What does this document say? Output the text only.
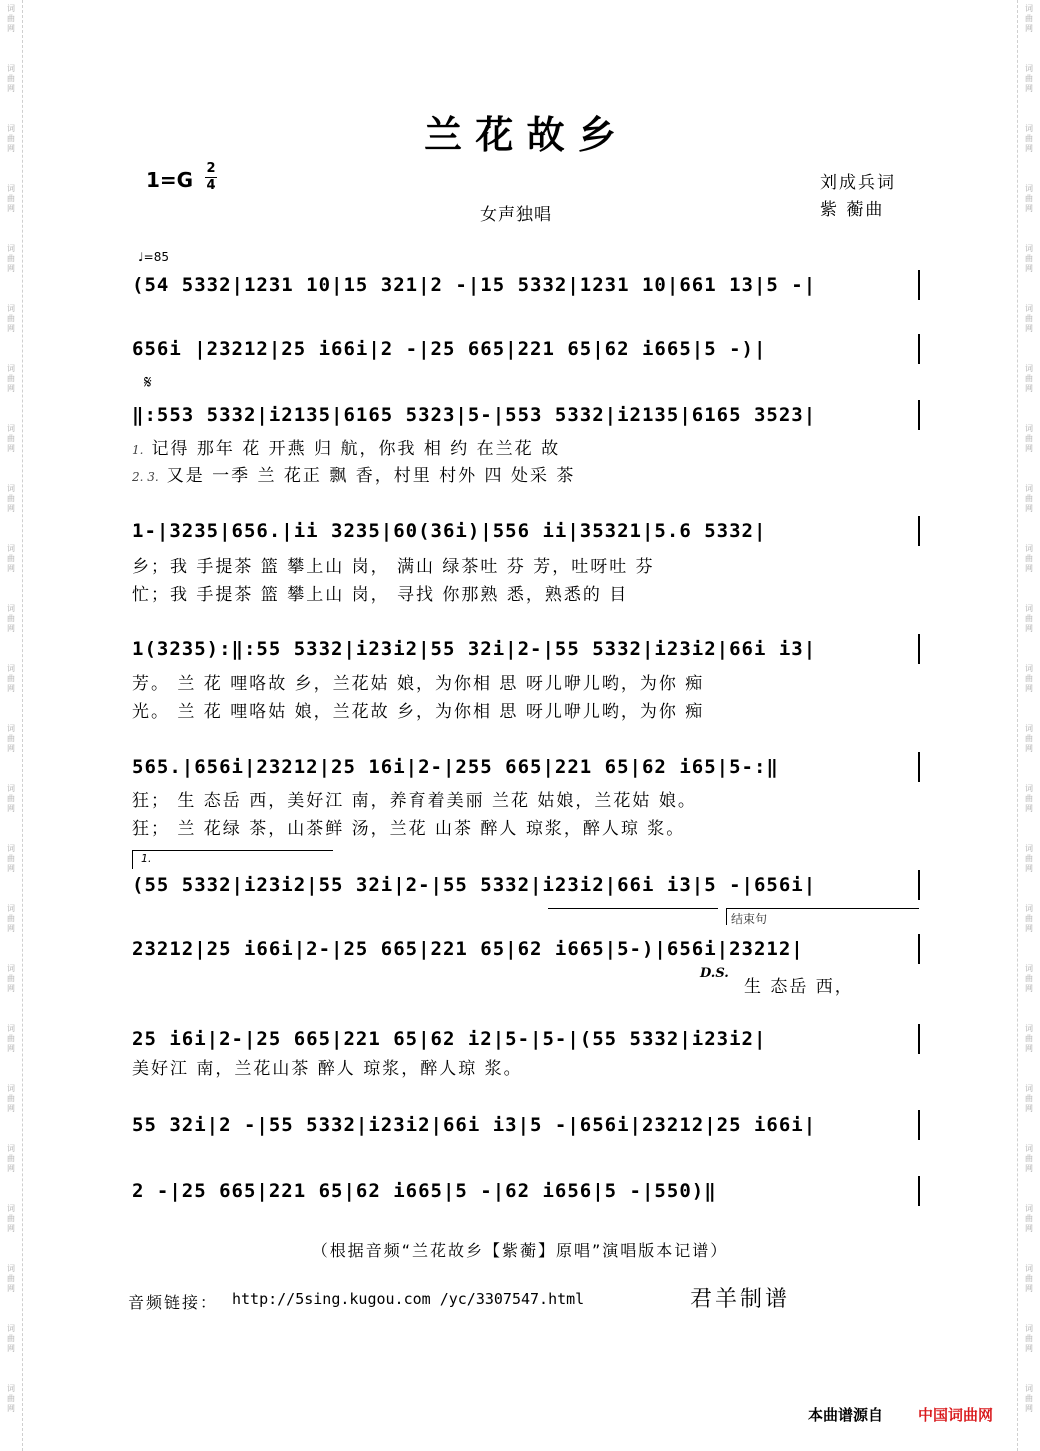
词
曲
网
词
曲
网
词
曲
网
词
曲
网
词
曲
网
词
曲
网
词
曲
网
词
曲
网
词
曲
网
词
曲
网
词
曲
网
词
曲
网
词
曲
网
词
曲
网
词
曲
网
词
曲
网
词
曲
网
词
曲
网
词
曲
网
词
曲
网
词
曲
网
词
曲
网
词
曲
网
词
曲
网
词
曲
网
词
曲
网
词
曲
网
词
曲
网
词
曲
网
词
曲
网
词
曲
网
词
曲
网
词
曲
网
词
曲
网
词
曲
网
词
曲
网
词
曲
网
词
曲
网
词
曲
网
词
曲
网
词
曲
网
词
曲
网
词
曲
网
词
曲
网
词
曲
网
词
曲
网
词
曲
网
词
曲
网
兰 花 故 乡
1=G 2
4	刘成兵词
紫 蘅曲
女声独唱
♩=85
(54 5332|1231 10|15 321|2 -|15 5332|1231 10|661 13|5 -|
656i |23212|25 i66i|2 -|25 665|221 65|62 i665|5 -)|
𝄋
‖:553 5332|i2135|6165 5323|5-|553 5332|i2135|6165 3523|
1. 记得 那年 花 开燕 归 航，你我 相 约 在兰花 故
2. 3. 又是 一季 兰 花正 飘 香，村里 村外 四 处采 茶
1-|3235|656.|ii 3235|60(36i)|556 ii|35321|5.6 5332|
乡；我 手提茶 篮 攀上山 岗， 满山 绿茶吐 芬 芳，吐呀吐 芬
忙；我 手提茶 篮 攀上山 岗， 寻找 你那熟 悉，熟悉的 目
1(3235):‖:55 5332|i23i2|55 32i|2-|55 5332|i23i2|66i i3|
芳。 兰 花 哩咯故 乡，兰花姑 娘，为你相 思 呀儿咿儿哟，为你 痴
光。 兰 花 哩咯姑 娘，兰花故 乡，为你相 思 呀儿咿儿哟，为你 痴
565.|656i|23212|25 16i|2-|255 665|221 65|62 i65|5-:‖
狂； 生 态岳 西，美好江 南，养育着美丽 兰花 姑娘，兰花姑 娘。
狂； 兰 花绿 茶，山茶鲜 汤，兰花 山茶 醉人 琼浆，醉人琼 浆。
1.
(55 5332|i23i2|55 32i|2-|55 5332|i23i2|66i i3|5 -|656i|
结束句
23212|25 i66i|2-|25 665|221 65|62 i665|5-)|656i|23212|
D.S.
生 态岳 西，
25 i6i|2-|25 665|221 65|62 i2|5-|5-|(55 5332|i23i2|
美好江 南，兰花山茶 醉人 琼浆，醉人琼 浆。
55 32i|2 -|55 5332|i23i2|66i i3|5 -|656i|23212|25 i66i|
2 -|25 665|221 65|62 i665|5 -|62 i656|5 -|550)‖
（根据音频“兰花故乡【紫蘅】原唱”演唱版本记谱）
音频链接： http://5sing.kugou.com /yc/3307547.html	君羊制谱
本曲谱源自 中国词曲网
